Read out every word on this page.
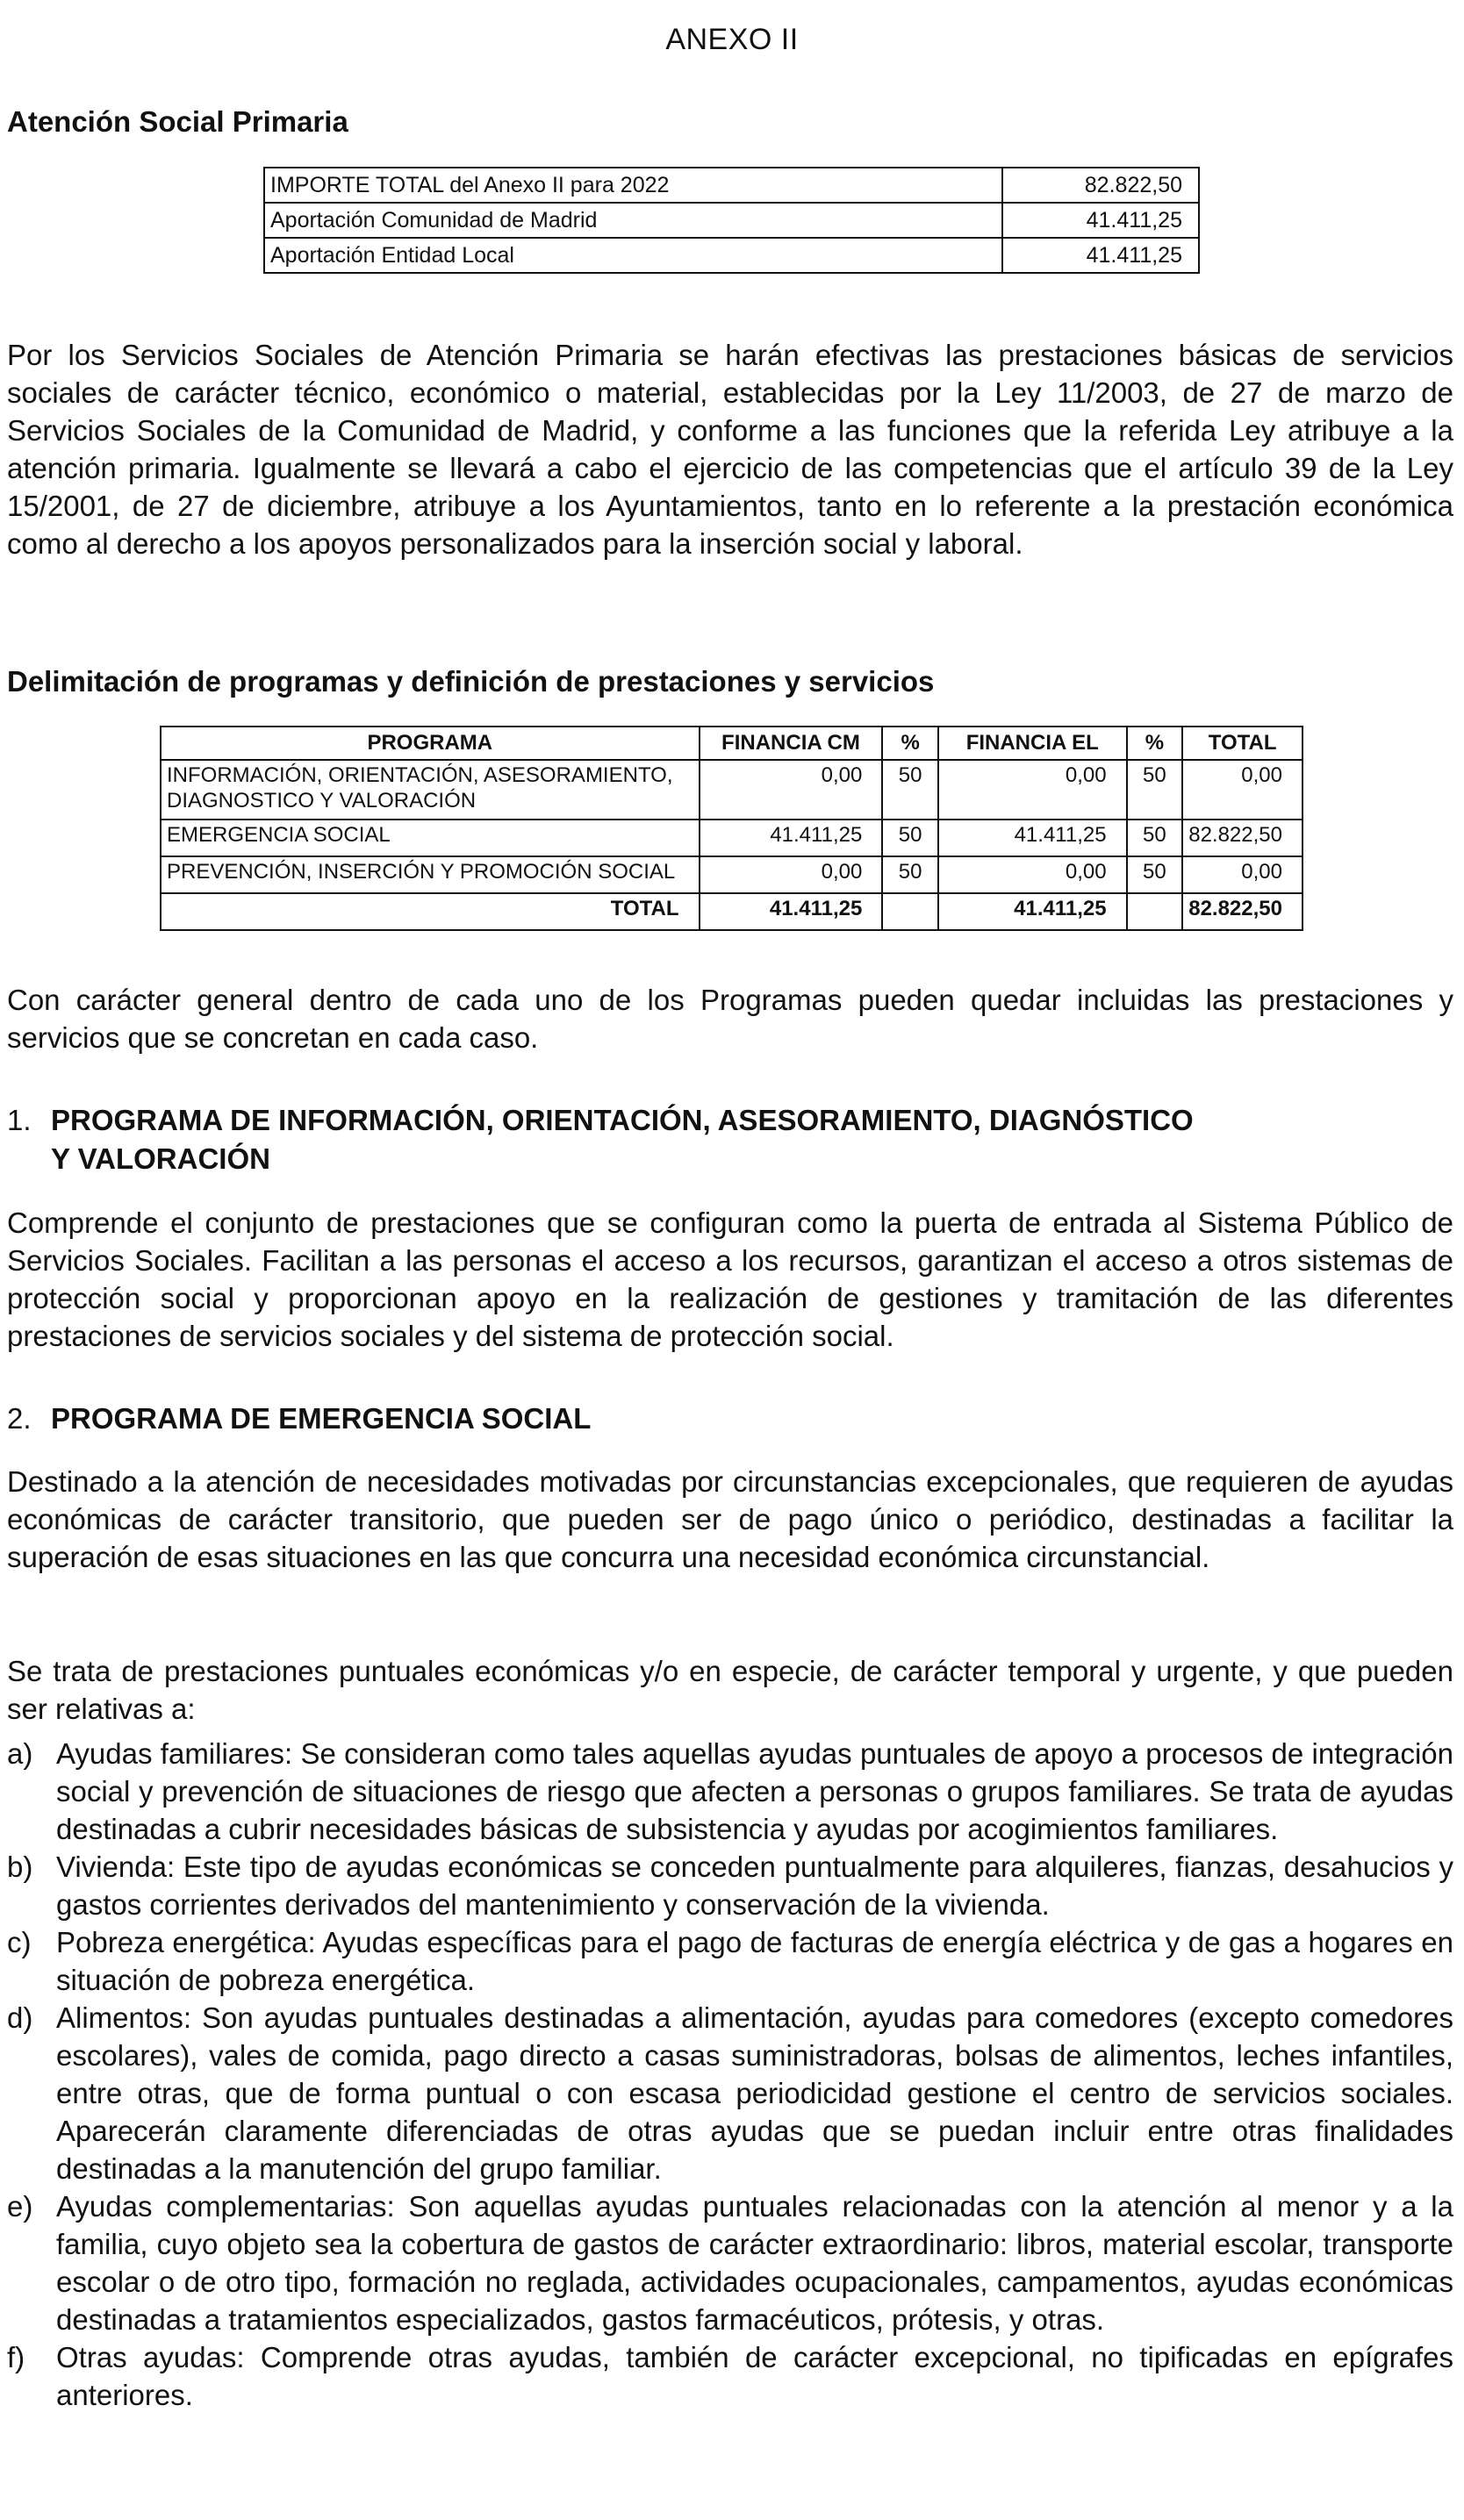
ANEXO II
Atención Social Primaria
IMPORTE TOTAL del Anexo II para 2022	82.822,50
Aportación Comunidad de Madrid	41.411,25
Aportación Entidad Local	41.411,25

Por los Servicios Sociales de Atención Primaria se harán efectivas las prestaciones básicas de servicios sociales de carácter técnico, económico o material, establecidas por la Ley 11/2003, de 27 de marzo de Servicios Sociales de la Comunidad de Madrid, y conforme a las funciones que la referida Ley atribuye a la atención primaria. Igualmente se llevará a cabo el ejercicio de las competencias que el artículo 39 de la Ley 15/2001, de 27 de diciembre, atribuye a los Ayuntamientos, tanto en lo referente a la prestación económica como al derecho a los apoyos personalizados para la inserción social y laboral.

Delimitación de programas y definición de prestaciones y servicios
PROGRAMA	FINANCIA CM	%	FINANCIA EL	%	TOTAL
INFORMACIÓN, ORIENTACIÓN, ASESORAMIENTO, DIAGNOSTICO Y VALORACIÓN	0,00	50	0,00	50	0,00
EMERGENCIA SOCIAL	41.411,25	50	41.411,25	50	82.822,50
PREVENCIÓN, INSERCIÓN Y PROMOCIÓN SOCIAL	0,00	50	0,00	50	0,00
TOTAL	41.411,25		41.411,25		82.822,50

Con carácter general dentro de cada uno de los Programas pueden quedar incluidas las prestaciones y servicios que se concretan en cada caso.

1. PROGRAMA DE INFORMACIÓN, ORIENTACIÓN, ASESORAMIENTO, DIAGNÓSTICO
Y VALORACIÓN

Comprende el conjunto de prestaciones que se configuran como la puerta de entrada al Sistema Público de Servicios Sociales. Facilitan a las personas el acceso a los recursos, garantizan el acceso a otros sistemas de protección social y proporcionan apoyo en la realización de gestiones y tramitación de las diferentes prestaciones de servicios sociales y del sistema de protección social.

2. PROGRAMA DE EMERGENCIA SOCIAL

Destinado a la atención de necesidades motivadas por circunstancias excepcionales, que requieren de ayudas económicas de carácter transitorio, que pueden ser de pago único o periódico, destinadas a facilitar la superación de esas situaciones en las que concurra una necesidad económica circunstancial.

Se trata de prestaciones puntuales económicas y/o en especie, de carácter temporal y urgente, y que pueden ser relativas a:

a) Ayudas familiares: Se consideran como tales aquellas ayudas puntuales de apoyo a procesos de integración social y prevención de situaciones de riesgo que afecten a personas o grupos familiares. Se trata de ayudas destinadas a cubrir necesidades básicas de subsistencia y ayudas por acogimientos familiares.
b) Vivienda: Este tipo de ayudas económicas se conceden puntualmente para alquileres, fianzas, desahucios y gastos corrientes derivados del mantenimiento y conservación de la vivienda.
c) Pobreza energética: Ayudas específicas para el pago de facturas de energía eléctrica y de gas a hogares en situación de pobreza energética.
d) Alimentos: Son ayudas puntuales destinadas a alimentación, ayudas para comedores (excepto comedores escolares), vales de comida, pago directo a casas suministradoras, bolsas de alimentos, leches infantiles, entre otras, que de forma puntual o con escasa periodicidad gestione el centro de servicios sociales. Aparecerán claramente diferenciadas de otras ayudas que se puedan incluir entre otras finalidades destinadas a la manutención del grupo familiar.
e) Ayudas complementarias: Son aquellas ayudas puntuales relacionadas con la atención al menor y a la familia, cuyo objeto sea la cobertura de gastos de carácter extraordinario: libros, material escolar, transporte escolar o de otro tipo, formación no reglada, actividades ocupacionales, campamentos, ayudas económicas destinadas a tratamientos especializados, gastos farmacéuticos, prótesis, y otras.
f) Otras ayudas: Comprende otras ayudas, también de carácter excepcional, no tipificadas en epígrafes anteriores.
